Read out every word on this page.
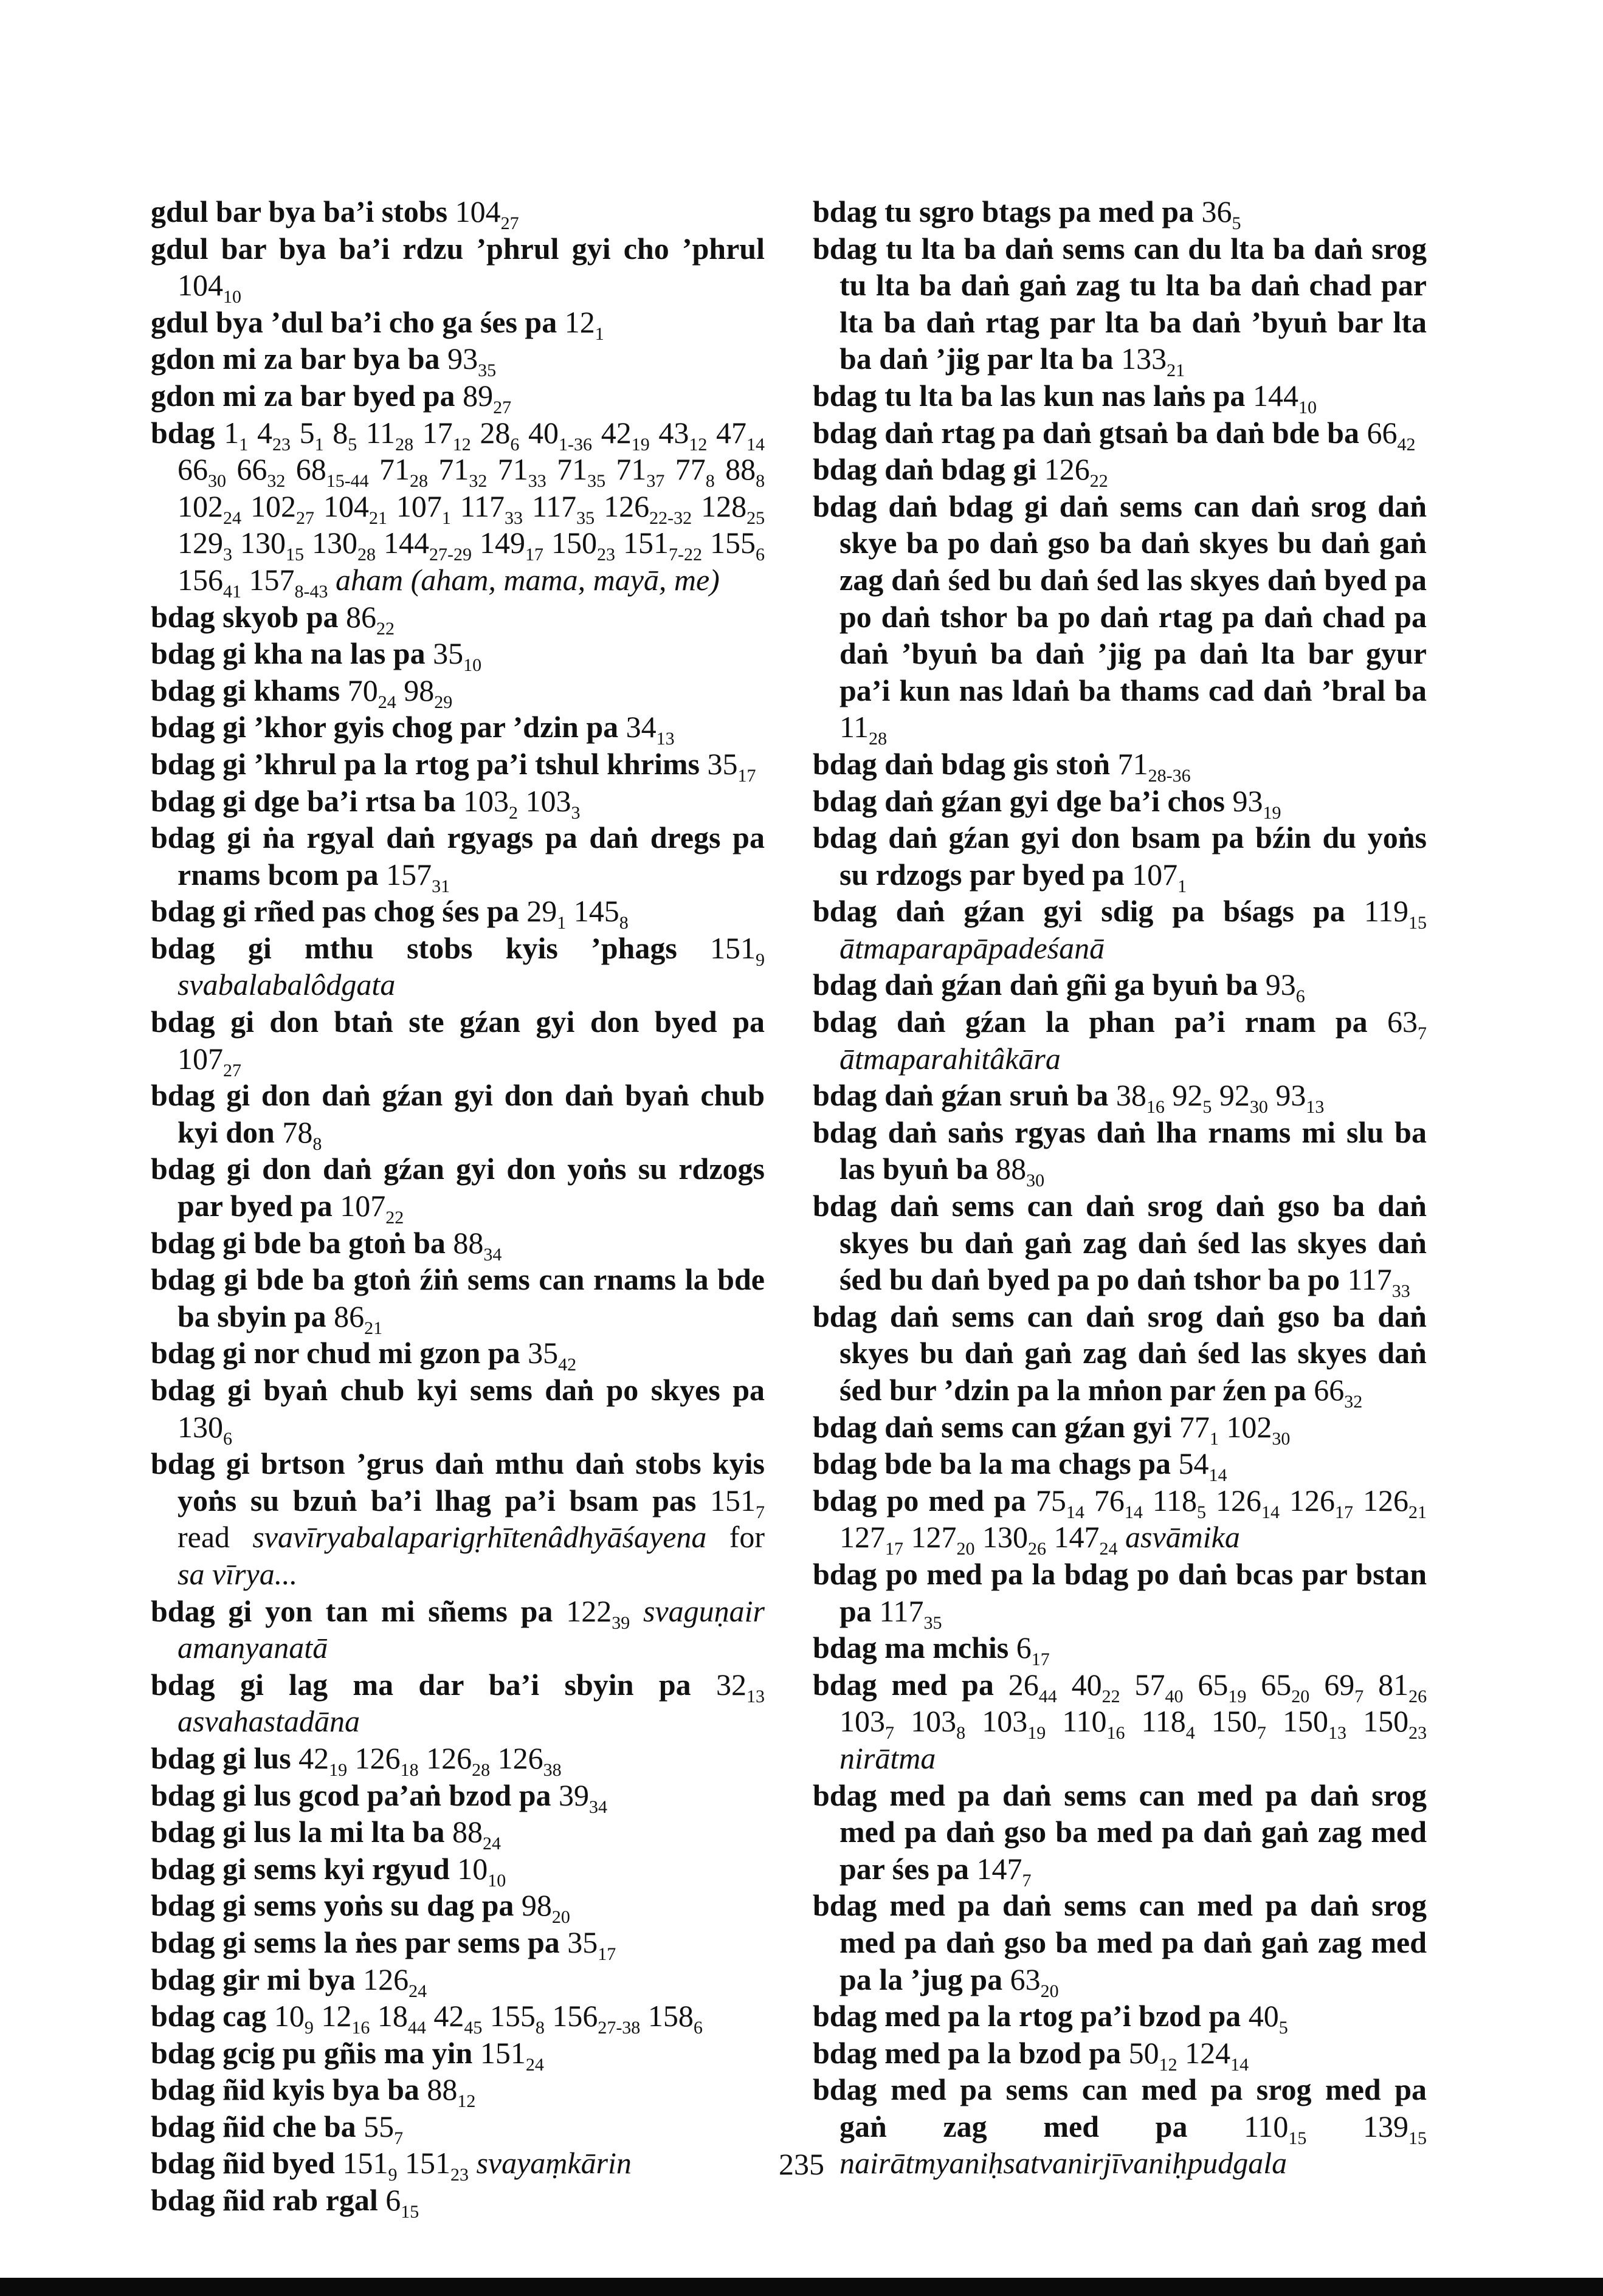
gdul bar bya ba’i stobs $104_{27}$
gdul bar bya ba’i rdzu ’phrul gyi cho ’phrul $104_{10}$
gdul bya ’dul ba’i cho ga śes pa $12_1$
gdon mi za bar bya ba $93_{35}$
gdon mi za bar byed pa $89_{27}$
bdag $1_1$ $4_{23}$ $5_1$ $8_5$ $11_{28}$ $17_{12}$ $28_6$ $40_{1-36}$ $42_{19}$ $43_{12}$ $47_{14}$ $66_{30}$ $66_{32}$ $68_{15-44}$ $71_{28}$ $71_{32}$ $71_{33}$ $71_{35}$ $71_{37}$ $77_8$ $88_8$ $102_{24}$ $102_{27}$ $104_{21}$ $107_1$ $117_{33}$ $117_{35}$ $126_{22-32}$ $128_{25}$ $129_3$ $130_{15}$ $130_{28}$ $144_{27-29}$ $149_{17}$ $150_{23}$ $151_{7-22}$ $155_6$ $156_{41}$ $157_{8-43}$ aham (aham, mama, mayā, me)
bdag skyob pa $86_{22}$
bdag gi kha na las pa $35_{10}$
bdag gi khams $70_{24}$ $98_{29}$
bdag gi ’khor gyis chog par ’dzin pa $34_{13}$
bdag gi ’khrul pa la rtog pa’i tshul khrims $35_{17}$
bdag gi dge ba’i rtsa ba $103_2$ $103_3$
bdag gi ṅa rgyal daṅ rgyags pa daṅ dregs pa rnams bcom pa $157_{31}$
bdag gi rñed pas chog śes pa $29_1$ $145_8$
bdag gi mthu stobs kyis ’phags $151_9$ svabalabalôdgata
bdag gi don btaṅ ste gźan gyi don byed pa $107_{27}$
bdag gi don daṅ gźan gyi don daṅ byaṅ chub kyi don $78_8$
bdag gi don daṅ gźan gyi don yoṅs su rdzogs par byed pa $107_{22}$
bdag gi bde ba gtoṅ ba $88_{34}$
bdag gi bde ba gtoṅ źiṅ sems can rnams la bde ba sbyin pa $86_{21}$
bdag gi nor chud mi gzon pa $35_{42}$
bdag gi byaṅ chub kyi sems daṅ po skyes pa $130_6$
bdag gi brtson ’grus daṅ mthu daṅ stobs kyis yoṅs su bzuṅ ba’i lhag pa’i bsam pas $151_7$ read svavīryabalaparigṛhītenâdhyāśayena for sa vīrya...
bdag gi yon tan mi sñems pa $122_{39}$ svaguṇair amanyanatā
bdag gi lag ma dar ba’i sbyin pa $32_{13}$ asvahastadāna
bdag gi lus $42_{19}$ $126_{18}$ $126_{28}$ $126_{38}$
bdag gi lus gcod pa’aṅ bzod pa $39_{34}$
bdag gi lus la mi lta ba $88_{24}$
bdag gi sems kyi rgyud $10_{10}$
bdag gi sems yoṅs su dag pa $98_{20}$
bdag gi sems la ṅes par sems pa $35_{17}$
bdag gir mi bya $126_{24}$
bdag cag $10_9$ $12_{16}$ $18_{44}$ $42_{45}$ $155_8$ $156_{27-38}$ $158_6$
bdag gcig pu gñis ma yin $151_{24}$
bdag ñid kyis bya ba $88_{12}$
bdag ñid che ba $55_7$
bdag ñid byed $151_9$ $151_{23}$ svayaṃkārin
bdag ñid rab rgal $6_{15}$
bdag tu sgro btags pa med pa $36_5$
bdag tu lta ba daṅ sems can du lta ba daṅ srog tu lta ba daṅ gaṅ zag tu lta ba daṅ chad par lta ba daṅ rtag par lta ba daṅ ’byuṅ bar lta ba daṅ ’jig par lta ba $133_{21}$
bdag tu lta ba las kun nas laṅs pa $144_{10}$
bdag daṅ rtag pa daṅ gtsaṅ ba daṅ bde ba $66_{42}$
bdag daṅ bdag gi $126_{22}$
bdag daṅ bdag gi daṅ sems can daṅ srog daṅ skye ba po daṅ gso ba daṅ skyes bu daṅ gaṅ zag daṅ śed bu daṅ śed las skyes daṅ byed pa po daṅ tshor ba po daṅ rtag pa daṅ chad pa daṅ ’byuṅ ba daṅ ’jig pa daṅ lta bar gyur pa’i kun nas ldaṅ ba thams cad daṅ ’bral ba $11_{28}$
bdag daṅ bdag gis stoṅ $71_{28-36}$
bdag daṅ gźan gyi dge ba’i chos $93_{19}$
bdag daṅ gźan gyi don bsam pa bźin du yoṅs su rdzogs par byed pa $107_1$
bdag daṅ gźan gyi sdig pa bśags pa $119_{15}$ ātmaparapāpadeśanā
bdag daṅ gźan daṅ gñi ga byuṅ ba $93_6$
bdag daṅ gźan la phan pa’i rnam pa $63_7$ ātmaparahitâkāra
bdag daṅ gźan sruṅ ba $38_{16}$ $92_5$ $92_{30}$ $93_{13}$
bdag daṅ saṅs rgyas daṅ lha rnams mi slu ba las byuṅ ba $88_{30}$
bdag daṅ sems can daṅ srog daṅ gso ba daṅ skyes bu daṅ gaṅ zag daṅ śed las skyes daṅ śed bu daṅ byed pa po daṅ tshor ba po $117_{33}$
bdag daṅ sems can daṅ srog daṅ gso ba daṅ skyes bu daṅ gaṅ zag daṅ śed las skyes daṅ śed bur ’dzin pa la mṅon par źen pa $66_{32}$
bdag daṅ sems can gźan gyi $77_1$ $102_{30}$
bdag bde ba la ma chags pa $54_{14}$
bdag po med pa $75_{14}$ $76_{14}$ $118_5$ $126_{14}$ $126_{17}$ $126_{21}$ $127_{17}$ $127_{20}$ $130_{26}$ $147_{24}$ asvāmika
bdag po med pa la bdag po daṅ bcas par bstan pa $117_{35}$
bdag ma mchis $6_{17}$
bdag med pa $26_{44}$ $40_{22}$ $57_{40}$ $65_{19}$ $65_{20}$ $69_7$ $81_{26}$ $103_7$ $103_8$ $103_{19}$ $110_{16}$ $118_4$ $150_7$ $150_{13}$ $150_{23}$ nirātma
bdag med pa daṅ sems can med pa daṅ srog med pa daṅ gso ba med pa daṅ gaṅ zag med par śes pa $147_7$
bdag med pa daṅ sems can med pa daṅ srog med pa daṅ gso ba med pa daṅ gaṅ zag med pa la ’jug pa $63_{20}$
bdag med pa la rtog pa’i bzod pa $40_5$
bdag med pa la bzod pa $50_{12}$ $124_{14}$
bdag med pa sems can med pa srog med pa gaṅ zag med pa $110_{15}$ $139_{15}$ nairātmyaniḥsatvanirjīvaniḥpudgala
235
